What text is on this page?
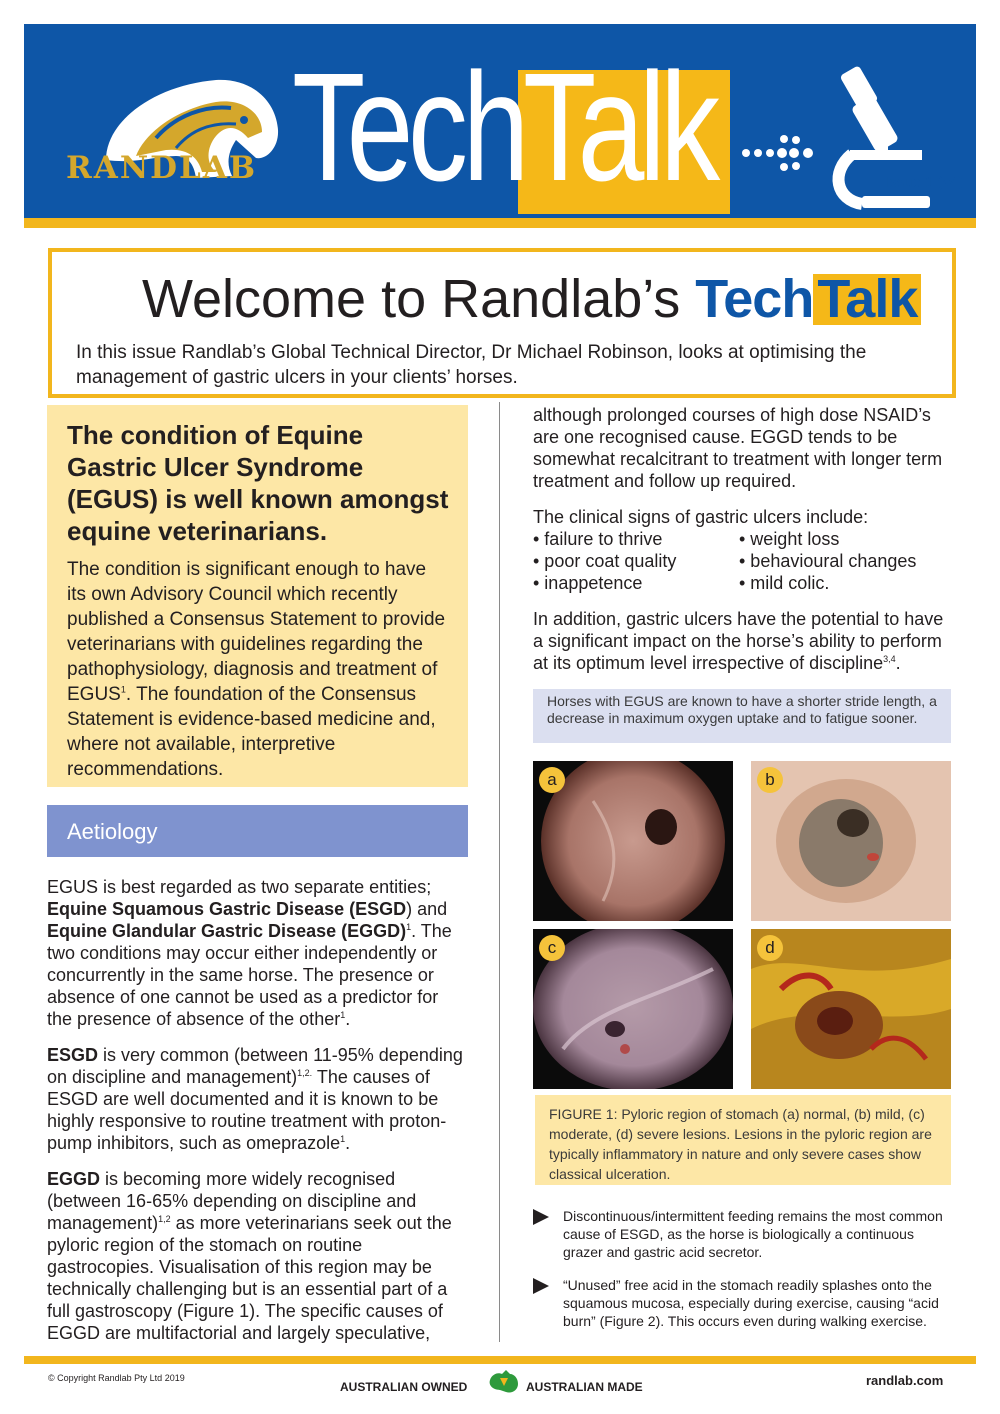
RANDLAB Tech Talk	Issue 1 (v4)
Welcome to Randlab’s TechTalk
In this issue Randlab’s Global Technical Director, Dr Michael Robinson, looks at optimising the management of gastric ulcers in your clients’ horses.
The condition of Equine Gastric Ulcer Syndrome (EGUS) is well known amongst equine veterinarians.
The condition is significant enough to have its own Advisory Council which recently published a Consensus Statement to provide veterinarians with guidelines regarding the pathophysiology, diagnosis and treatment of EGUS$^1$. The foundation of the Consensus Statement is evidence-based medicine and, where not available, interpretive recommendations.
Aetiology

EGUS is best regarded as two separate entities; Equine Squamous Gastric Disease (ESGD) and Equine Glandular Gastric Disease (EGGD)$^1$. The two conditions may occur either independently or concurrently in the same horse. The presence or absence of one cannot be used as a predictor for the presence of absence of the other$^1$.

ESGD is very common (between 11-95% depending on discipline and management)$^{1,2.}$ The causes of ESGD are well documented and it is known to be highly responsive to routine treatment with proton-pump inhibitors, such as omeprazole$^1$.

EGGD is becoming more widely recognised (between 16-65% depending on discipline and management)$^{1,2}$ as more veterinarians seek out the pyloric region of the stomach on routine gastrocopies. Visualisation of this region may be technically challenging but is an essential part of a full gastroscopy (Figure 1). The specific causes of EGGD are multifactorial and largely speculative,

although prolonged courses of high dose NSAID’s are one recognised cause. EGGD tends to be somewhat recalcitrant to treatment with longer term treatment and follow up required.

The clinical signs of gastric ulcers include:
• failure to thrive	• weight loss
• poor coat quality	• behavioural changes
• inappetence	• mild colic.

In addition, gastric ulcers have the potential to have a significant impact on the horse’s ability to perform at its optimum level irrespective of discipline$^{3,4}$.

Horses with EGUS are known to have a shorter stride length, a decrease in maximum oxygen uptake and to fatigue sooner.
a	b
c	d
FIGURE 1: Pyloric region of stomach (a) normal, (b) mild, (c) moderate, (d) severe lesions. Lesions in the pyloric region are typically inflammatory in nature and only severe cases show classical ulceration.
Discontinuous/intermittent feeding remains the most common cause of ESGD, as the horse is biologically a continuous grazer and gastric acid secretor.
“Unused” free acid in the stomach readily splashes onto the squamous mucosa, especially during exercise, causing “acid burn” (Figure 2). This occurs even during walking exercise.
© Copyright Randlab Pty Ltd 2019
AUSTRALIAN OWNED	AUSTRALIAN MADE	randlab.com
